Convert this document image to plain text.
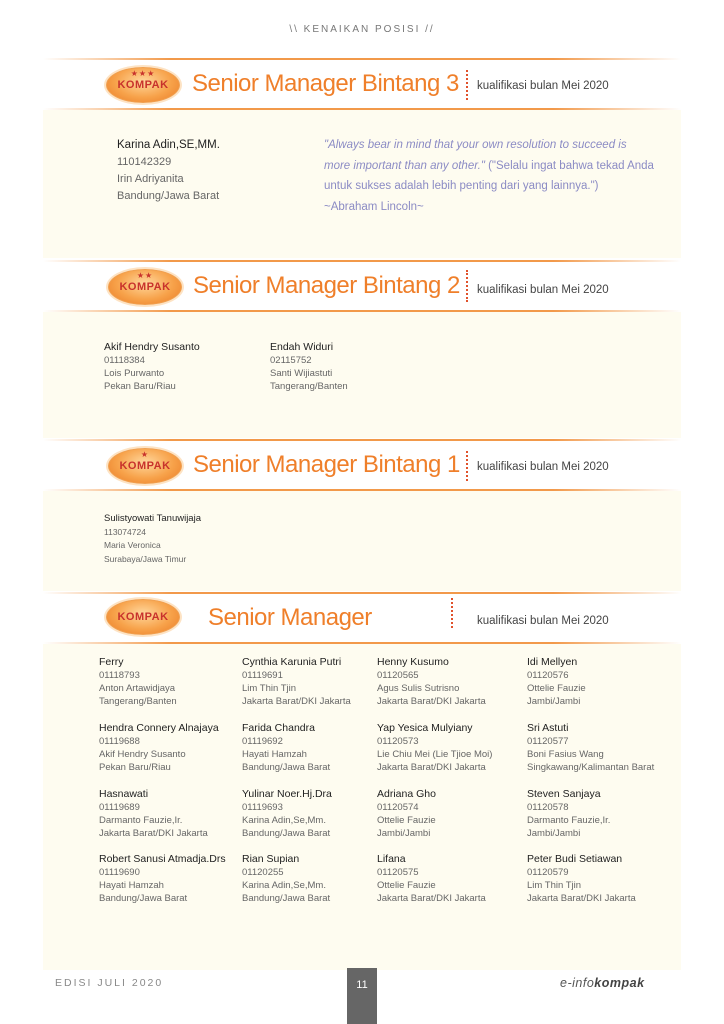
\\ KENAIKAN POSISI //
★★★
KOMPAK Senior Manager Bintang 3 kualifikasi bulan Mei 2020
Karina Adin,SE,MM.
110142329
Irin Adriyanita
Bandung/Jawa Barat
"Always bear in mind that your own resolution to succeed is more important than any other." ("Selalu ingat bahwa tekad Anda untuk sukses adalah lebih penting dari yang lainnya.")
~Abraham Lincoln~
★★
KOMPAK Senior Manager Bintang 2 kualifikasi bulan Mei 2020
Akif Hendry Susanto
01118384
Lois Purwanto
Pekan Baru/Riau
Endah Widuri
02115752
Santi Wijiastuti
Tangerang/Banten
★
KOMPAK Senior Manager Bintang 1 kualifikasi bulan Mei 2020
Sulistyowati Tanuwijaja
113074724
Maria Veronica
Surabaya/Jawa Timur
KOMPAK	Senior Manager	kualifikasi bulan Mei 2020
Ferry
01118793
Anton Artawidjaya
Tangerang/Banten
Cynthia Karunia Putri
01119691
Lim Thin Tjin
Jakarta Barat/DKI Jakarta
Henny Kusumo
01120565
Agus Sulis Sutrisno
Jakarta Barat/DKI Jakarta
Idi Mellyen
01120576
Ottelie Fauzie
Jambi/Jambi
Hendra Connery Alnajaya
01119688
Akif Hendry Susanto
Pekan Baru/Riau
Farida Chandra
01119692
Hayati Hamzah
Bandung/Jawa Barat
Yap Yesica Mulyiany
01120573
Lie Chiu Mei (Lie Tjioe Moi)
Jakarta Barat/DKI Jakarta
Sri Astuti
01120577
Boni Fasius Wang
Singkawang/Kalimantan Barat
Hasnawati
01119689
Darmanto Fauzie,Ir.
Jakarta Barat/DKI Jakarta
Yulinar Noer.Hj.Dra
01119693
Karina Adin,Se,Mm.
Bandung/Jawa Barat
Adriana Gho
01120574
Ottelie Fauzie
Jambi/Jambi
Steven Sanjaya
01120578
Darmanto Fauzie,Ir.
Jambi/Jambi
Robert Sanusi Atmadja.Drs
01119690
Hayati Hamzah
Bandung/Jawa Barat
Rian Supian
01120255
Karina Adin,Se,Mm.
Bandung/Jawa Barat
Lifana
01120575
Ottelie Fauzie
Jakarta Barat/DKI Jakarta
Peter Budi Setiawan
01120579
Lim Thin Tjin
Jakarta Barat/DKI Jakarta
EDISI JULI 2020	11	e-infokompak
